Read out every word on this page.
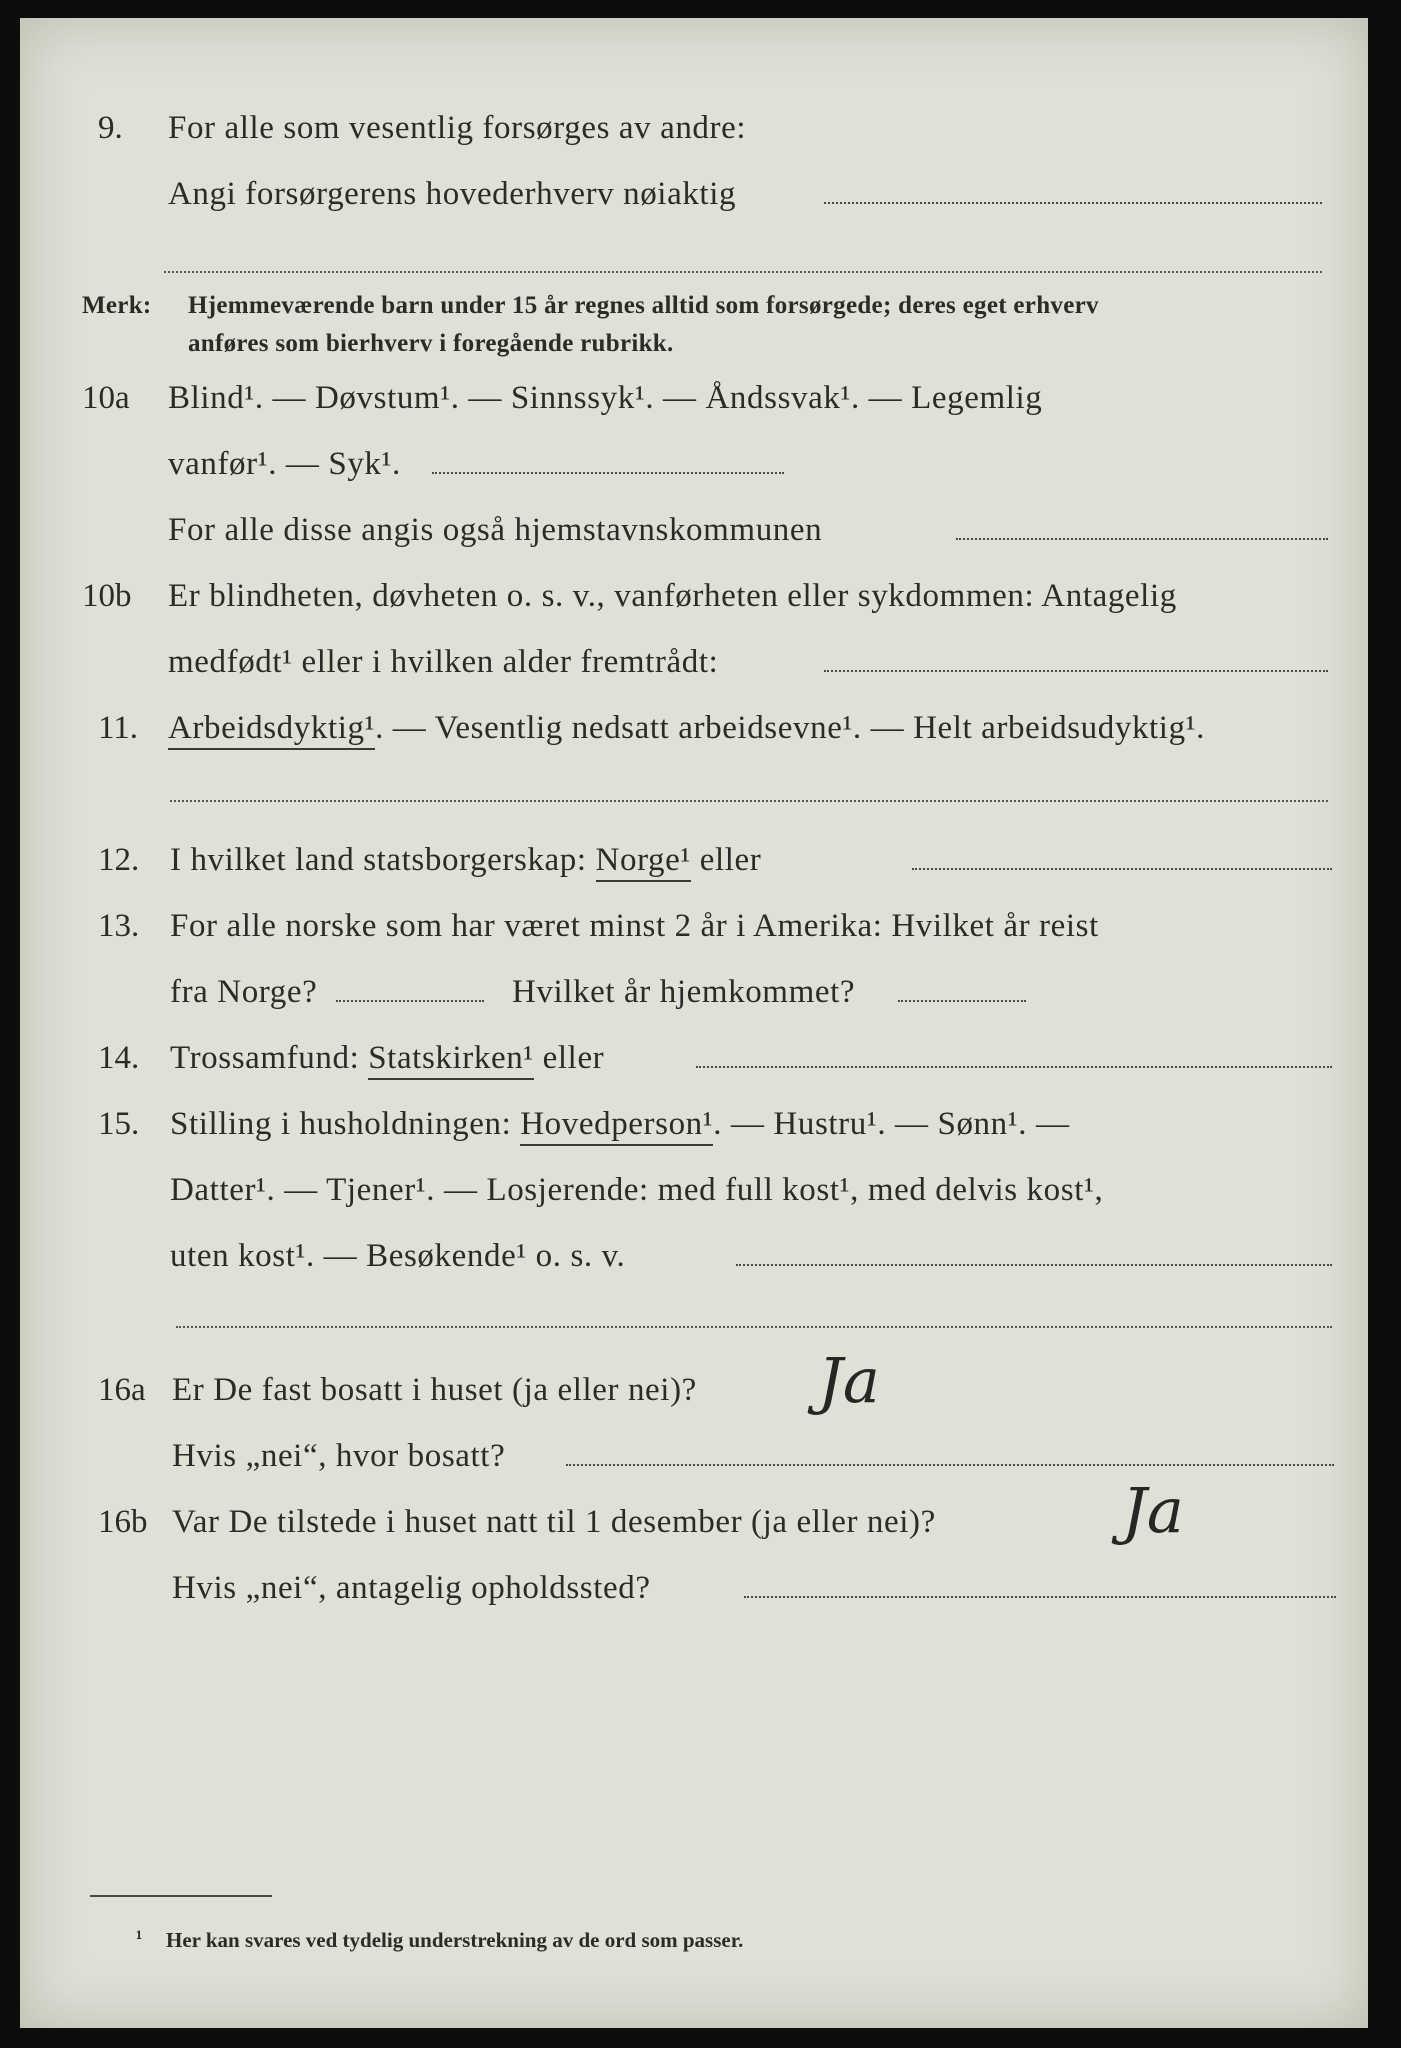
9. For alle som vesentlig forsørges av andre:
Angi forsørgerens hovederhverv nøiaktig
Merk: Hjemmeværende barn under 15 år regnes alltid som forsørgede; deres eget erhverv
anføres som bierhverv i foregående rubrikk.
10a Blind¹. — Døvstum¹. — Sinnssyk¹. — Åndssvak¹. — Legemlig
vanfør¹. — Syk¹.
For alle disse angis også hjemstavnskommunen
10b Er blindheten, døvheten o. s. v., vanførheten eller sykdommen: Antagelig
medfødt¹ eller i hvilken alder fremtrådt:
11. Arbeidsdyktig¹. — Vesentlig nedsatt arbeidsevne¹. — Helt arbeidsudyktig¹.
12. I hvilket land statsborgerskap: Norge¹ eller
13. For alle norske som har været minst 2 år i Amerika: Hvilket år reist
fra Norge?	Hvilket år hjemkommet?
14. Trossamfund: Statskirken¹ eller
15. Stilling i husholdningen: Hovedperson¹. — Hustru¹. — Sønn¹. —
Datter¹. — Tjener¹. — Losjerende: med full kost¹, med delvis kost¹,
uten kost¹. — Besøkende¹ o. s. v.
16a Er De fast bosatt i huset (ja eller nei)? Ja
Hvis „nei“, hvor bosatt?
16b Var De tilstede i huset natt til 1 desember (ja eller nei)?	Ja
Hvis „nei“, antagelig opholdssted?
¹ Her kan svares ved tydelig understrekning av de ord som passer.
